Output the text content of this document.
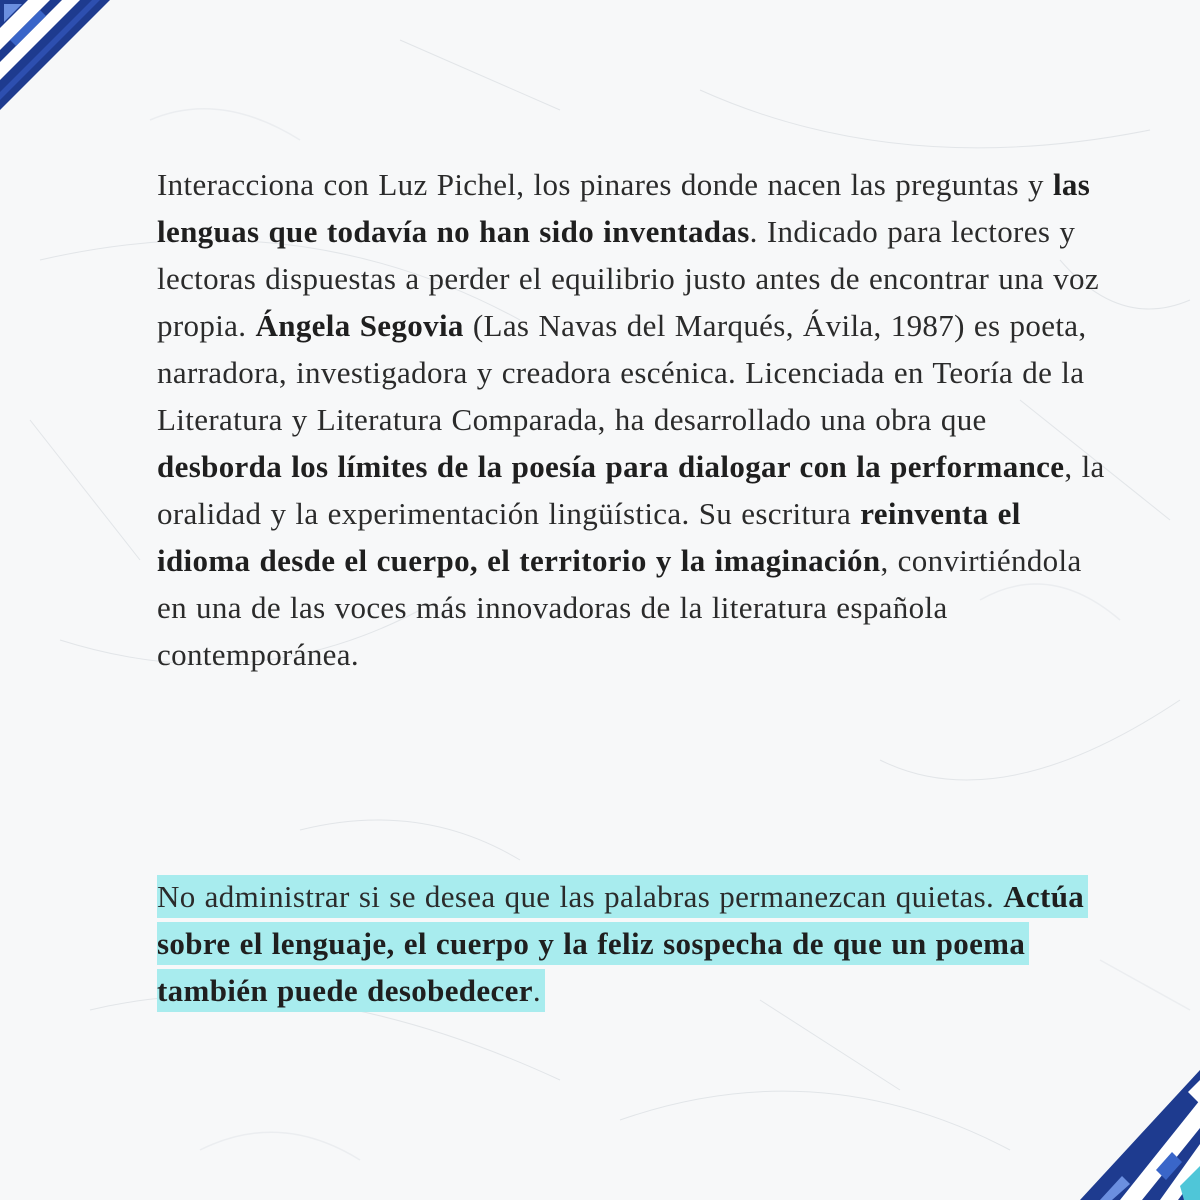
Interacciona con Luz Pichel, los pinares donde nacen las preguntas y las lenguas que todavía no han sido inventadas. Indicado para lectores y lectoras dispuestas a perder el equilibrio justo antes de encontrar una voz propia. Ángela Segovia (Las Navas del Marqués, Ávila, 1987) es poeta, narradora, investigadora y creadora escénica. Licenciada en Teoría de la Literatura y Literatura Comparada, ha desarrollado una obra que desborda los límites de la poesía para dialogar con la performance, la oralidad y la experimentación lingüística. Su escritura reinventa el idioma desde el cuerpo, el territorio y la imaginación, convirtiéndola en una de las voces más innovadoras de la literatura española contemporánea.

No administrar si se desea que las palabras permanezcan quietas. Actúa sobre el lenguaje, el cuerpo y la feliz sospecha de que un poema también puede desobedecer.
